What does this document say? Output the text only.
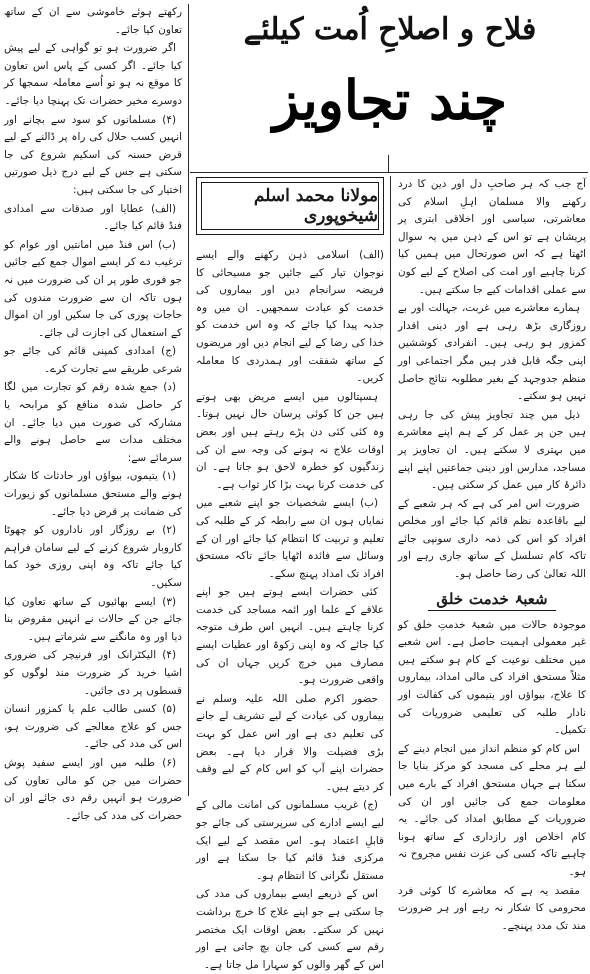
فلاح و اصلاحِ اُمت کیلئے
چند تجاویز
مولانا محمد اسلم شیخوپوری

رکھتے ہوئے خاموشی سے ان کے ساتھ تعاون کیا جائے۔

اگر ضرورت ہو تو گواہی کے لیے پیش کیا جائے۔ اگر کسی کے پاس اس تعاون کا موقع نہ ہو تو اُسے معاملہ سمجھا کر دوسرے مخیر حضرات تک پہنچا دیا جائے۔

(۴) مسلمانوں کو سود سے بچانے اور انہیں کسب حلال کی راہ پر ڈالنے کے لیے قرض حسنہ کی اسکیم شروع کی جا سکتی ہے جس کے لیے درج ذیل صورتیں اختیار کی جا سکتی ہیں:

(الف) عطایا اور صدقات سے امدادی فنڈ قائم کیا جائے۔

(ب) اس فنڈ میں امانتیں اور عوام کو ترغیب دے کر ایسے اموال جمع کیے جائیں جو فوری طور پر ان کی ضرورت میں نہ ہوں تاکہ ان سے ضرورت مندوں کی حاجات پوری کی جا سکیں اور ان اموال کے استعمال کی اجازت لی جائے۔

(ج) امدادی کمپنی قائم کی جائے جو شرعی طریقے سے تجارت کرے۔

(د) جمع شدہ رقم کو تجارت میں لگا کر حاصل شدہ منافع کو مرابحہ یا مشارکہ کی صورت میں دیا جائے۔ ان مختلف مدات سے حاصل ہونے والے سرمائے سے:

(۱) یتیموں، بیواؤں اور حادثات کا شکار ہونے والے مستحق مسلمانوں کو زیورات کی ضمانت پر قرض دیا جائے۔

(۲) بے روزگار اور ناداروں کو چھوٹا کاروبار شروع کرنے کے لیے سامان فراہم کیا جائے تاکہ وہ اپنی روزی خود کما سکیں۔

(۳) ایسے بھائیوں کے ساتھ تعاون کیا جائے جن کے حالات نے انہیں مقروض بنا دیا اور وہ مانگنے سے شرماتے ہیں۔

(۴) الیکٹرانک اور فرنیچر کی ضروری اشیا خرید کر ضرورت مند لوگوں کو قسطوں پر دی جائیں۔

(۵) کسی طالب علم یا کمزور انسان جس کو علاج معالجے کی ضرورت ہو، اس کی مدد کی جائے۔

(۶) طلبہ میں اور ایسے سفید پوش حضرات میں جن کو مالی تعاون کی ضرورت ہو انہیں رقم دی جائے اور ان حضرات کی مدد کی جائے۔

(الف) اسلامی ذہن رکھنے والے ایسے نوجوان تیار کیے جائیں جو مسیحائی کا فریضہ سرانجام دیں اور بیماروں کی خدمت کو عبادت سمجھیں۔ ان میں وہ جذبہ پیدا کیا جائے کہ وہ اس خدمت کو خدا کی رضا کے لیے انجام دیں اور مریضوں کے ساتھ شفقت اور ہمدردی کا معاملہ کریں۔

ہسپتالوں میں ایسے مریض بھی ہوتے ہیں جن کا کوئی پرسان حال نہیں ہوتا۔ وہ کئی کئی دن پڑے رہتے ہیں اور بعض اوقات علاج نہ ہونے کی وجہ سے ان کی زندگیوں کو خطرہ لاحق ہو جاتا ہے۔ ان کی خدمت کرنا بہت بڑا کار ثواب ہے۔

(ب) ایسے شخصیات جو اپنے شعبے میں نمایاں ہوں ان سے رابطہ کر کے طلبہ کی تعلیم و تربیت کا انتظام کیا جائے اور ان کے وسائل سے فائدہ اٹھایا جائے تاکہ مستحق افراد تک امداد پہنچ سکے۔

کئی حضرات ایسے ہوتے ہیں جو اپنے علاقے کے علما اور ائمہ مساجد کی خدمت کرنا چاہتے ہیں۔ انہیں اس طرف متوجہ کیا جائے کہ وہ اپنی زکوۃ اور عطیات ایسے مصارف میں خرچ کریں جہاں ان کی واقعی ضرورت ہو۔

حضور اکرم صلی اللہ علیہ وسلم نے بیماروں کی عیادت کے لیے تشریف لے جانے کی تعلیم دی ہے اور اس عمل کو بہت بڑی فضیلت والا قرار دیا ہے۔ بعض حضرات اپنے آپ کو اس کام کے لیے وقف کر دیتے ہیں۔

(ج) غریب مسلمانوں کی امانت مالی کے لیے ایسے ادارے کی سرپرستی کی جائے جو قابلِ اعتماد ہو۔ اس مقصد کے لیے ایک مرکزی فنڈ قائم کیا جا سکتا ہے اور مستقل نگرانی کا انتظام ہو۔

اس کے ذریعے ایسے بیماروں کی مدد کی جا سکتی ہے جو اپنے علاج کا خرچ برداشت نہیں کر سکتے۔ بعض اوقات ایک مختصر رقم سے کسی کی جان بچ جاتی ہے اور اس کے گھر والوں کو سہارا مل جاتا ہے۔

آج جب کہ ہر صاحبِ دل اور دین کا درد رکھنے والا مسلمان اہلِ اسلام کی معاشرتی، سیاسی اور اخلاقی ابتری پر پریشان ہے تو اس کے ذہن میں یہ سوال اٹھتا ہے کہ اس صورتحال میں ہمیں کیا کرنا چاہیے اور امت کی اصلاح کے لیے کون سے عملی اقدامات کیے جا سکتے ہیں۔

ہمارے معاشرے میں غربت، جہالت اور بے روزگاری بڑھ رہی ہے اور دینی اقدار کمزور ہو رہی ہیں۔ انفرادی کوششیں اپنی جگہ قابل قدر ہیں مگر اجتماعی اور منظم جدوجہد کے بغیر مطلوبہ نتائج حاصل نہیں ہو سکتے۔

ذیل میں چند تجاویز پیش کی جا رہی ہیں جن پر عمل کر کے ہم اپنے معاشرے میں بہتری لا سکتے ہیں۔ ان تجاویز پر مساجد، مدارس اور دینی جماعتیں اپنے اپنے دائرۂ کار میں عمل کر سکتی ہیں۔

ضرورت اس امر کی ہے کہ ہر شعبے کے لیے باقاعدہ نظم قائم کیا جائے اور مخلص افراد کو اس کی ذمہ داری سونپی جائے تاکہ کام تسلسل کے ساتھ جاری رہے اور اللہ تعالیٰ کی رضا حاصل ہو۔

شعبۂ خدمت خلق

موجودہ حالات میں شعبۂ خدمتِ خلق کو غیر معمولی اہمیت حاصل ہے۔ اس شعبے میں مختلف نوعیت کے کام ہو سکتے ہیں مثلاً مستحق افراد کی مالی امداد، بیماروں کا علاج، بیواؤں اور یتیموں کی کفالت اور نادار طلبہ کی تعلیمی ضروریات کی تکمیل۔

اس کام کو منظم انداز میں انجام دینے کے لیے ہر محلے کی مسجد کو مرکز بنایا جا سکتا ہے جہاں مستحق افراد کے بارے میں معلومات جمع کی جائیں اور ان کی ضروریات کے مطابق امداد کی جائے۔ یہ کام اخلاص اور رازداری کے ساتھ ہونا چاہیے تاکہ کسی کی عزت نفس مجروح نہ ہو۔

مقصد یہ ہے کہ معاشرے کا کوئی فرد محرومی کا شکار نہ رہے اور ہر ضرورت مند تک مدد پہنچے۔
